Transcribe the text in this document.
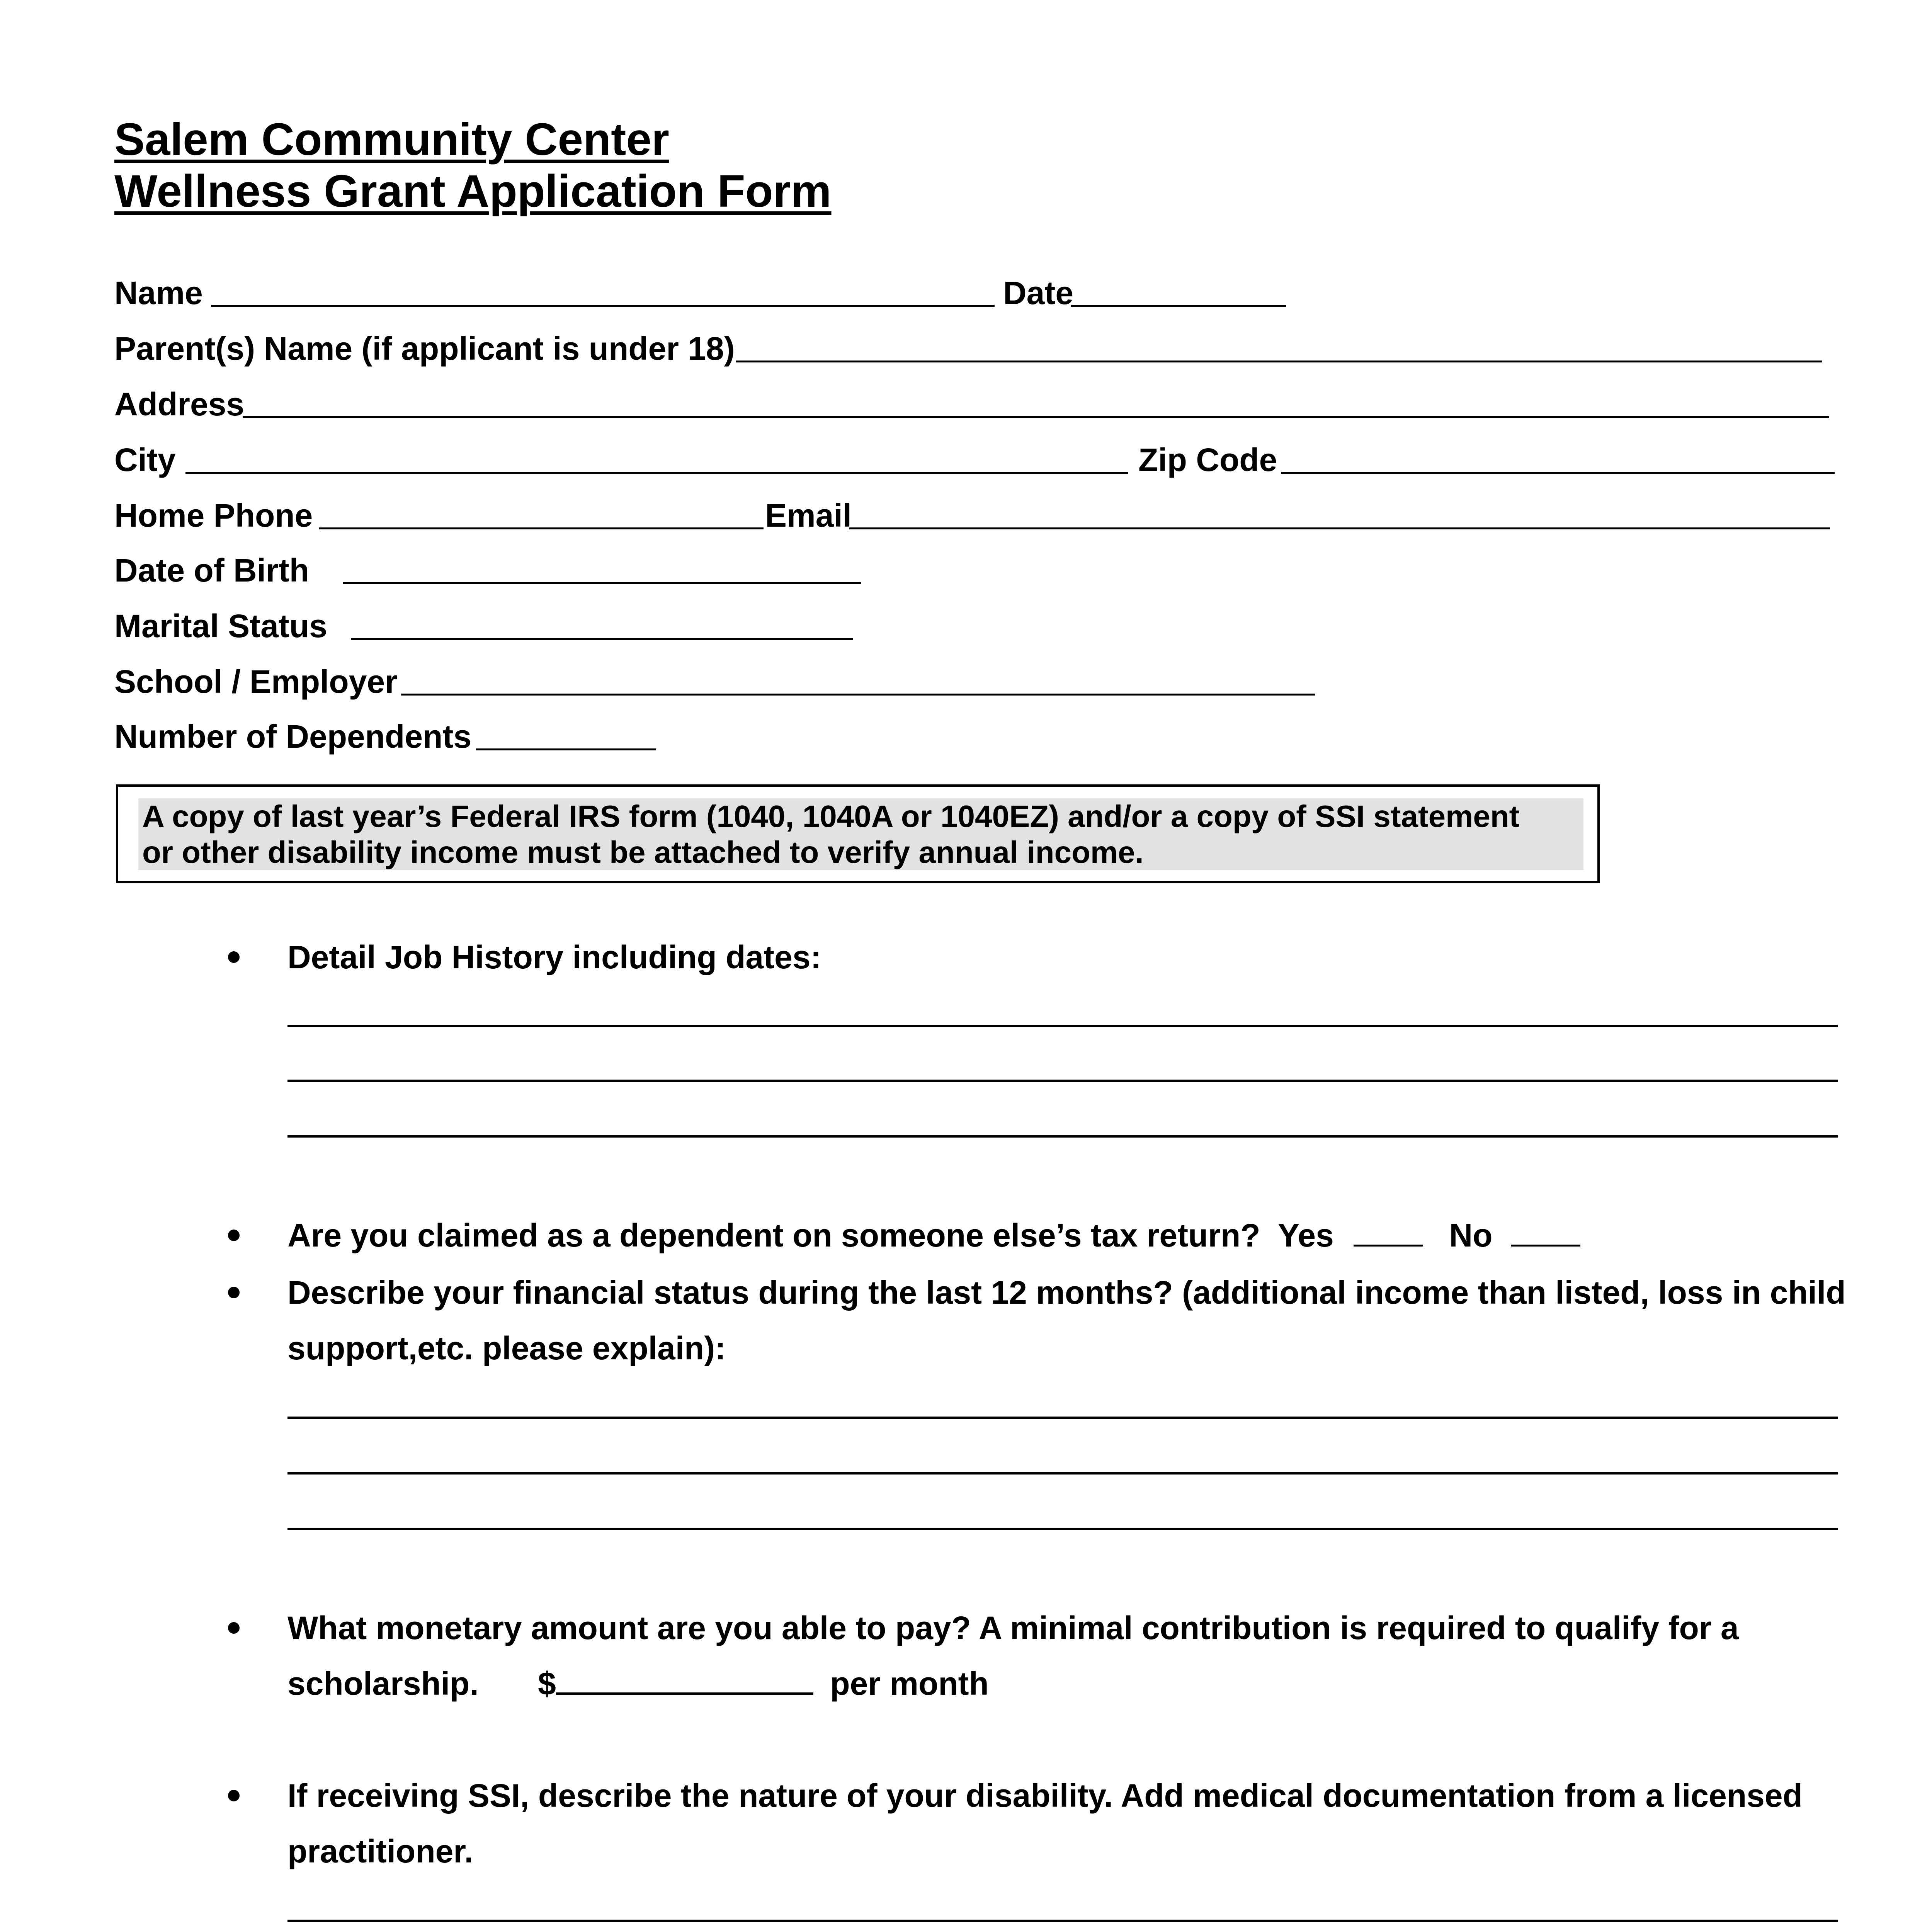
Salem Community Center
Wellness Grant Application Form
Name	Date
Parent(s) Name (if applicant is under 18)
Address
City	Zip Code
Home Phone	Email
Date of Birth
Marital Status
School / Employer
Number of Dependents
A copy of last year’s Federal IRS form (1040, 1040A or 1040EZ) and/or a copy of SSI statement
or other disability income must be attached to verify annual income.
Detail Job History including dates:
Are you claimed as a dependent on someone else’s tax return? Yes	No
Describe your financial status during the last 12 months? (additional income than listed, loss in child
support,etc. please explain):
What monetary amount are you able to pay? A minimal contribution is required to qualify for a
scholarship. $	per month
If receiving SSI, describe the nature of your disability. Add medical documentation from a licensed
practitioner.
